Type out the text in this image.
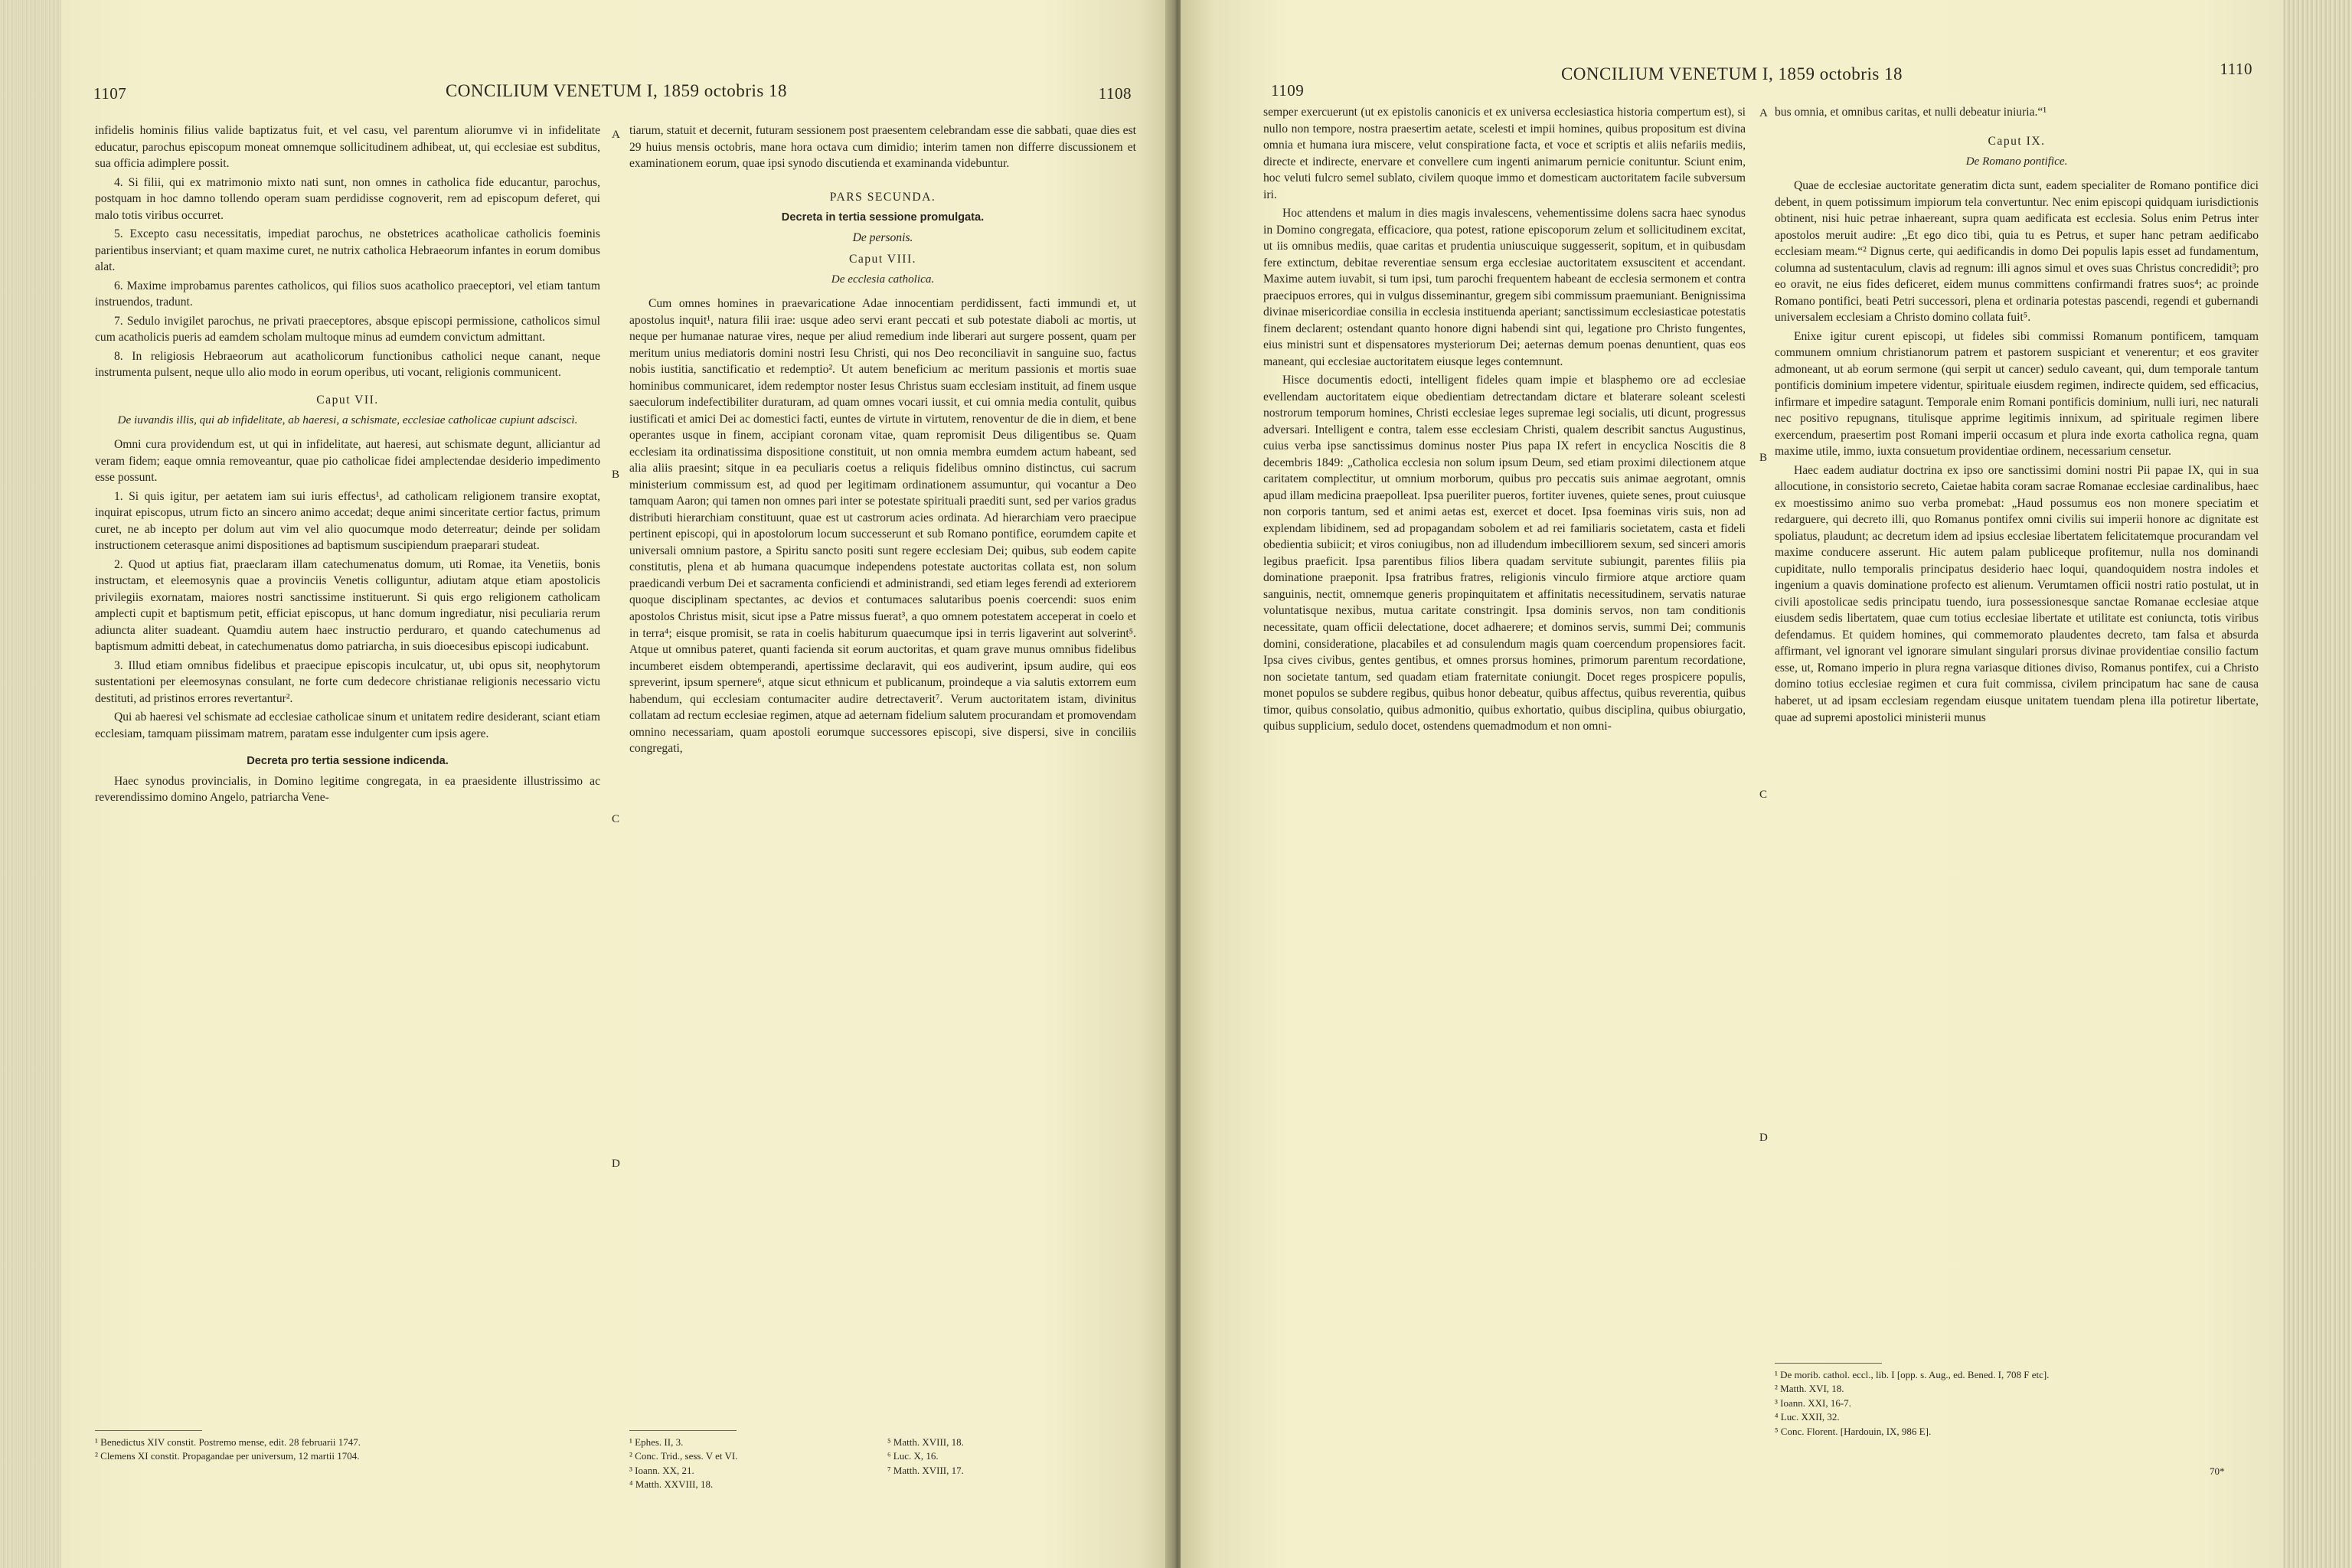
1107	CONCILIUM VENETUM I, 1859 octobris 18	1108

infidelis hominis filius valide baptizatus fuit, et vel casu, vel parentum aliorumve vi in infidelitate educatur, parochus episcopum moneat omnemque sollicitudinem adhibeat, ut, qui ecclesiae est subditus, sua officia adimplere possit.

4. Si filii, qui ex matrimonio mixto nati sunt, non omnes in catholica fide educantur, parochus, postquam in hoc damno tollendo operam suam perdidisse cognoverit, rem ad episcopum deferet, qui malo totis viribus occurret.

5. Excepto casu necessitatis, impediat parochus, ne obstetrices acatholicae catholicis foeminis parientibus inserviant; et quam maxime curet, ne nutrix catholica Hebraeorum infantes in eorum domibus alat.

6. Maxime improbamus parentes catholicos, qui filios suos acatholico praeceptori, vel etiam tantum instruendos, tradunt.

7. Sedulo invigilet parochus, ne privati praeceptores, absque episcopi permissione, catholicos simul cum acatholicis pueris ad eamdem scholam multoque minus ad eumdem convictum admittant.

8. In religiosis Hebraeorum aut acatholicorum functionibus catholici neque canant, neque instrumenta pulsent, neque ullo alio modo in eorum operibus, uti vocant, religionis communicent.

Caput VII.
De iuvandis illis, qui ab infidelitate, ab haeresi, a schismate, ecclesiae catholicae cupiunt adsciscì.

Omni cura providendum est, ut qui in infidelitate, aut haeresi, aut schismate degunt, alliciantur ad veram fidem; eaque omnia removeantur, quae pio catholicae fidei amplectendae desiderio impedimento esse possunt.

1. Si quis igitur, per aetatem iam sui iuris effectus¹, ad catholicam religionem transire exoptat, inquirat episcopus, utrum ficto an sincero animo accedat; deque animi sinceritate certior factus, primum curet, ne ab incepto per dolum aut vim vel alio quocumque modo deterreatur; deinde per solidam instructionem ceterasque animi dispositiones ad baptismum suscipiendum praeparari studeat.

2. Quod ut aptius fiat, praeclaram illam catechumenatus domum, uti Romae, ita Venetiis, bonis instructam, et eleemosynis quae a provinciis Venetis colliguntur, adiutam atque etiam apostolicis privilegiis exornatam, maiores nostri sanctissime instituerunt. Si quis ergo religionem catholicam amplecti cupit et baptismum petit, efficiat episcopus, ut hanc domum ingrediatur, nisi peculiaria rerum adiuncta aliter suadeant. Quamdiu autem haec instructio perduraro, et quando catechumenus ad baptismum admitti debeat, in catechumenatus domo patriarcha, in suis dioecesibus episcopi iudicabunt.

3. Illud etiam omnibus fidelibus et praecipue episcopis inculcatur, ut, ubi opus sit, neophytorum sustentationi per eleemosynas consulant, ne forte cum dedecore christianae religionis necessario victu destituti, ad pristinos errores revertantur².

Qui ab haeresi vel schismate ad ecclesiae catholicae sinum et unitatem redire desiderant, sciant etiam ecclesiam, tamquam piissimam matrem, paratam esse indulgenter cum ipsis agere.

Decreta pro tertia sessione indicenda.

Haec synodus provincialis, in Domino legitime congregata, in ea praesidente illustrissimo ac reverendissimo domino Angelo, patriarcha Vene-

tiarum, statuit et decernit, futuram sessionem post praesentem celebrandam esse die sabbati, quae dies est 29 huius mensis octobris, mane hora octava cum dimidio; interim tamen non differre discussionem et examinationem eorum, quae ipsi synodo discutienda et examinanda videbuntur.

PARS SECUNDA.
Decreta in tertia sessione promulgata.
De personis.
Caput VIII.
De ecclesia catholica.

Cum omnes homines in praevaricatione Adae innocentiam perdidissent, facti immundi et, ut apostolus inquit¹, natura filii irae: usque adeo servi erant peccati et sub potestate diaboli ac mortis, ut neque per humanae naturae vires, neque per aliud remedium inde liberari aut surgere possent, quam per meritum unius mediatoris domini nostri Iesu Christi, qui nos Deo reconciliavit in sanguine suo, factus nobis iustitia, sanctificatio et redemptio². Ut autem beneficium ac meritum passionis et mortis suae hominibus communicaret, idem redemptor noster Iesus Christus suam ecclesiam instituit, ad finem usque saeculorum indefectibiliter duraturam, ad quam omnes vocari iussit, et cui omnia media contulit, quibus iustificati et amici Dei ac domestici facti, euntes de virtute in virtutem, renoventur de die in diem, et bene operantes usque in finem, accipiant coronam vitae, quam repromisit Deus diligentibus se. Quam ecclesiam ita ordinatissima dispositione constituit, ut non omnia membra eumdem actum habeant, sed alia aliis praesint; sitque in ea peculiaris coetus a reliquis fidelibus omnino distinctus, cui sacrum ministerium commissum est, ad quod per legitimam ordinationem assumuntur, qui vocantur a Deo tamquam Aaron; qui tamen non omnes pari inter se potestate spirituali praediti sunt, sed per varios gradus distributi hierarchiam constituunt, quae est ut castrorum acies ordinata. Ad hierarchiam vero praecipue pertinent episcopi, qui in apostolorum locum successerunt et sub Romano pontifice, eorumdem capite et universali omnium pastore, a Spiritu sancto positi sunt regere ecclesiam Dei; quibus, sub eodem capite constitutis, plena et ab humana quacumque independens potestate auctoritas collata est, non solum praedicandi verbum Dei et sacramenta conficiendi et administrandi, sed etiam leges ferendi ad exteriorem quoque disciplinam spectantes, ac devios et contumaces salutaribus poenis coercendi: suos enim apostolos Christus misit, sicut ipse a Patre missus fuerat³, a quo omnem potestatem acceperat in coelo et in terra⁴; eisque promisit, se rata in coelis habiturum quaecumque ipsi in terris ligaverint aut solverint⁵. Atque ut omnibus pateret, quanti facienda sit eorum auctoritas, et quam grave munus omnibus fidelibus incumberet eisdem obtemperandi, apertissime declaravit, qui eos audiverint, ipsum audire, qui eos spreverint, ipsum spernere⁶, atque sicut ethnicum et publicanum, proindeque a via salutis extorrem eum habendum, qui ecclesiam contumaciter audire detrectaverit⁷. Verum auctoritatem istam, divinitus collatam ad rectum ecclesiae regimen, atque ad aeternam fidelium salutem procurandam et promovendam omnino necessariam, quam apostoli eorumque successores episcopi, sive dispersi, sive in conciliis congregati,

¹ Benedictus XIV constit. Postremo mense, edit. 28 februarii 1747.
² Clemens XI constit. Propagandae per universum, 12 martii 1704.
¹ Ephes. II, 3.
² Conc. Trid., sess. V et VI.
³ Ioann. XX, 21.
⁴ Matth. XXVIII, 18.
⁵ Matth. XVIII, 18.
⁶ Luc. X, 16.
⁷ Matth. XVIII, 17.
A
B
C
D
1109
CONCILIUM VENETUM I, 1859 octobris 18	1110

semper exercuerunt (ut ex epistolis canonicis et ex universa ecclesiastica historia compertum est), si nullo non tempore, nostra praesertim aetate, scelesti et impii homines, quibus propositum est divina omnia et humana iura miscere, velut conspiratione facta, et voce et scriptis et aliis nefariis mediis, directe et indirecte, enervare et convellere cum ingenti animarum pernicie conituntur. Sciunt enim, hoc veluti fulcro semel sublato, civilem quoque immo et domesticam auctoritatem facile subversum iri.

Hoc attendens et malum in dies magis invalescens, vehementissime dolens sacra haec synodus in Domino congregata, efficaciore, qua potest, ratione episcoporum zelum et sollicitudinem excitat, ut iis omnibus mediis, quae caritas et prudentia uniuscuique suggesserit, sopitum, et in quibusdam fere extinctum, debitae reverentiae sensum erga ecclesiae auctoritatem exsuscitent et accendant. Maxime autem iuvabit, si tum ipsi, tum parochi frequentem habeant de ecclesia sermonem et contra praecipuos errores, qui in vulgus disseminantur, gregem sibi commissum praemuniant. Benignissima divinae misericordiae consilia in ecclesia instituenda aperiant; sanctissimum ecclesiasticae potestatis finem declarent; ostendant quanto honore digni habendi sint qui, legatione pro Christo fungentes, eius ministri sunt et dispensatores mysteriorum Dei; aeternas demum poenas denuntient, quas eos maneant, qui ecclesiae auctoritatem eiusque leges contemnunt.

Hisce documentis edocti, intelligent fideles quam impie et blasphemo ore ad ecclesiae evellendam auctoritatem eique obedientiam detrectandam dictare et blaterare soleant scelesti nostrorum temporum homines, Christi ecclesiae leges supremae legi socialis, uti dicunt, progressus adversari. Intelligent e contra, talem esse ecclesiam Christi, qualem describit sanctus Augustinus, cuius verba ipse sanctissimus dominus noster Pius papa IX refert in encyclica Noscitis die 8 decembris 1849: „Catholica ecclesia non solum ipsum Deum, sed etiam proximi dilectionem atque caritatem complectitur, ut omnium morborum, quibus pro peccatis suis animae aegrotant, omnis apud illam medicina praepolleat. Ipsa pueriliter pueros, fortiter iuvenes, quiete senes, prout cuiusque non corporis tantum, sed et animi aetas est, exercet et docet. Ipsa foeminas viris suis, non ad explendam libidinem, sed ad propagandam sobolem et ad rei familiaris societatem, casta et fideli obedientia subiicit; et viros coniugibus, non ad illudendum imbecilliorem sexum, sed sinceri amoris legibus praeficit. Ipsa parentibus filios libera quadam servitute subiungit, parentes filiis pia dominatione praeponit. Ipsa fratribus fratres, religionis vinculo firmiore atque arctiore quam sanguinis, nectit, omnemque generis propinquitatem et affinitatis necessitudinem, servatis naturae voluntatisque nexibus, mutua caritate constringit. Ipsa dominis servos, non tam conditionis necessitate, quam officii delectatione, docet adhaerere; et dominos servis, summi Dei; communis domini, consideratione, placabiles et ad consulendum magis quam coercendum propensiores facit. Ipsa cives civibus, gentes gentibus, et omnes prorsus homines, primorum parentum recordatione, non societate tantum, sed quadam etiam fraternitate coniungit. Docet reges prospicere populis, monet populos se subdere regibus, quibus honor debeatur, quibus affectus, quibus reverentia, quibus timor, quibus consolatio, quibus admonitio, quibus exhortatio, quibus disciplina, quibus obiurgatio, quibus supplicium, sedulo docet, ostendens quemadmodum et non omni-

bus omnia, et omnibus caritas, et nulli debeatur iniuria.“¹

Caput IX.
De Romano pontifice.

Quae de ecclesiae auctoritate generatim dicta sunt, eadem specialiter de Romano pontifice dici debent, in quem potissimum impiorum tela convertuntur. Nec enim episcopi quidquam iurisdictionis obtinent, nisi huic petrae inhaereant, supra quam aedificata est ecclesia. Solus enim Petrus inter apostolos meruit audire: „Et ego dico tibi, quia tu es Petrus, et super hanc petram aedificabo ecclesiam meam.“² Dignus certe, qui aedificandis in domo Dei populis lapis esset ad fundamentum, columna ad sustentaculum, clavis ad regnum: illi agnos simul et oves suas Christus concredidit³; pro eo oravit, ne eius fides deficeret, eidem munus committens confirmandi fratres suos⁴; ac proinde Romano pontifici, beati Petri successori, plena et ordinaria potestas pascendi, regendi et gubernandi universalem ecclesiam a Christo domino collata fuit⁵.

Enixe igitur curent episcopi, ut fideles sibi commissi Romanum pontificem, tamquam communem omnium christianorum patrem et pastorem suspiciant et venerentur; et eos graviter admoneant, ut ab eorum sermone (qui serpit ut cancer) sedulo caveant, qui, dum temporale tantum pontificis dominium impetere videntur, spirituale eiusdem regimen, indirecte quidem, sed efficacius, infirmare et impedire satagunt. Temporale enim Romani pontificis dominium, nulli iuri, nec naturali nec positivo repugnans, titulisque apprime legitimis innixum, ad spirituale regimen libere exercendum, praesertim post Romani imperii occasum et plura inde exorta catholica regna, quam maxime utile, immo, iuxta consuetum providentiae ordinem, necessarium censetur.

Haec eadem audiatur doctrina ex ipso ore sanctissimi domini nostri Pii papae IX, qui in sua allocutione, in consistorio secreto, Caietae habita coram sacrae Romanae ecclesiae cardinalibus, haec ex moestissimo animo suo verba promebat: „Haud possumus eos non monere speciatim et redarguere, qui decreto illi, quo Romanus pontifex omni civilis sui imperii honore ac dignitate est spoliatus, plaudunt; ac decretum idem ad ipsius ecclesiae libertatem felicitatemque procurandam vel maxime conducere asserunt. Hic autem palam publiceque profitemur, nulla nos dominandi cupiditate, nullo temporalis principatus desiderio haec loqui, quandoquidem nostra indoles et ingenium a quavis dominatione profecto est alienum. Verumtamen officii nostri ratio postulat, ut in civili apostolicae sedis principatu tuendo, iura possessionesque sanctae Romanae ecclesiae atque eiusdem sedis libertatem, quae cum totius ecclesiae libertate et utilitate est coniuncta, totis viribus defendamus. Et quidem homines, qui commemorato plaudentes decreto, tam falsa et absurda affirmant, vel ignorant vel ignorare simulant singulari prorsus divinae providentiae consilio factum esse, ut, Romano imperio in plura regna variasque ditiones diviso, Romanus pontifex, cui a Christo domino totius ecclesiae regimen et cura fuit commissa, civilem principatum hac sane de causa haberet, ut ad ipsam ecclesiam regendam eiusque unitatem tuendam plena illa potiretur libertate, quae ad supremi apostolici ministerii munus

¹ De morib. cathol. eccl., lib. I [opp. s. Aug., ed. Bened. I, 708 F etc].
² Matth. XVI, 18.
³ Ioann. XXI, 16-7.
⁴ Luc. XXII, 32.
⁵ Conc. Florent. [Hardouin, IX, 986 E].
70*
A
B
C
D
